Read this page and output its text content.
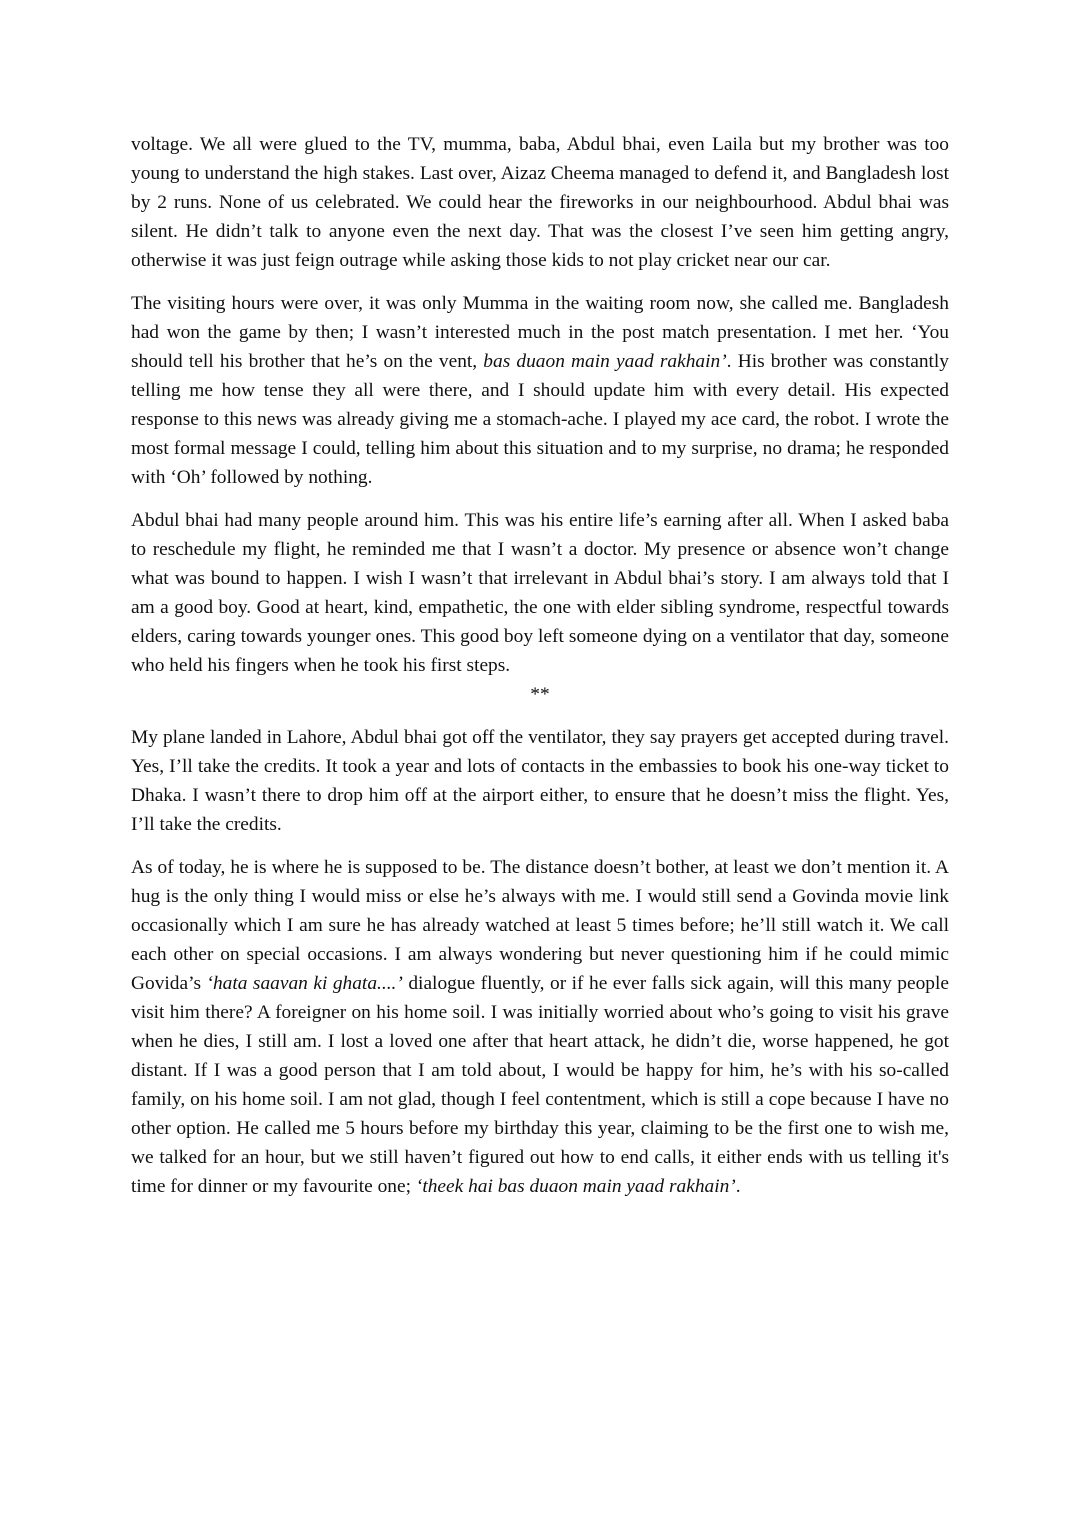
voltage. We all were glued to the TV, mumma, baba, Abdul bhai, even Laila but my brother was too young to understand the high stakes. Last over, Aizaz Cheema managed to defend it, and Bangladesh lost by 2 runs. None of us celebrated. We could hear the fireworks in our neighbourhood. Abdul bhai was silent. He didn’t talk to anyone even the next day. That was the closest I’ve seen him getting angry, otherwise it was just feign outrage while asking those kids to not play cricket near our car.

The visiting hours were over, it was only Mumma in the waiting room now, she called me. Bangladesh had won the game by then; I wasn’t interested much in the post match presentation. I met her. ‘You should tell his brother that he’s on the vent, bas duaon main yaad rakhain’. His brother was constantly telling me how tense they all were there, and I should update him with every detail. His expected response to this news was already giving me a stomach-ache. I played my ace card, the robot. I wrote the most formal message I could, telling him about this situation and to my surprise, no drama; he responded with ‘Oh’ followed by nothing.

Abdul bhai had many people around him. This was his entire life’s earning after all. When I asked baba to reschedule my flight, he reminded me that I wasn’t a doctor. My presence or absence won’t change what was bound to happen. I wish I wasn’t that irrelevant in Abdul bhai’s story. I am always told that I am a good boy. Good at heart, kind, empathetic, the one with elder sibling syndrome, respectful towards elders, caring towards younger ones. This good boy left someone dying on a ventilator that day, someone who held his fingers when he took his first steps.

**

My plane landed in Lahore, Abdul bhai got off the ventilator, they say prayers get accepted during travel. Yes, I’ll take the credits. It took a year and lots of contacts in the embassies to book his one-way ticket to Dhaka. I wasn’t there to drop him off at the airport either, to ensure that he doesn’t miss the flight. Yes, I’ll take the credits.

As of today, he is where he is supposed to be. The distance doesn’t bother, at least we don’t mention it. A hug is the only thing I would miss or else he’s always with me. I would still send a Govinda movie link occasionally which I am sure he has already watched at least 5 times before; he’ll still watch it. We call each other on special occasions. I am always wondering but never questioning him if he could mimic Govida’s ‘hata saavan ki ghata....’ dialogue fluently, or if he ever falls sick again, will this many people visit him there? A foreigner on his home soil. I was initially worried about who’s going to visit his grave when he dies, I still am. I lost a loved one after that heart attack, he didn’t die, worse happened, he got distant. If I was a good person that I am told about, I would be happy for him, he’s with his so-called family, on his home soil. I am not glad, though I feel contentment, which is still a cope because I have no other option. He called me 5 hours before my birthday this year, claiming to be the first one to wish me, we talked for an hour, but we still haven’t figured out how to end calls, it either ends with us telling it's time for dinner or my favourite one; ‘theek hai bas duaon main yaad rakhain’.
